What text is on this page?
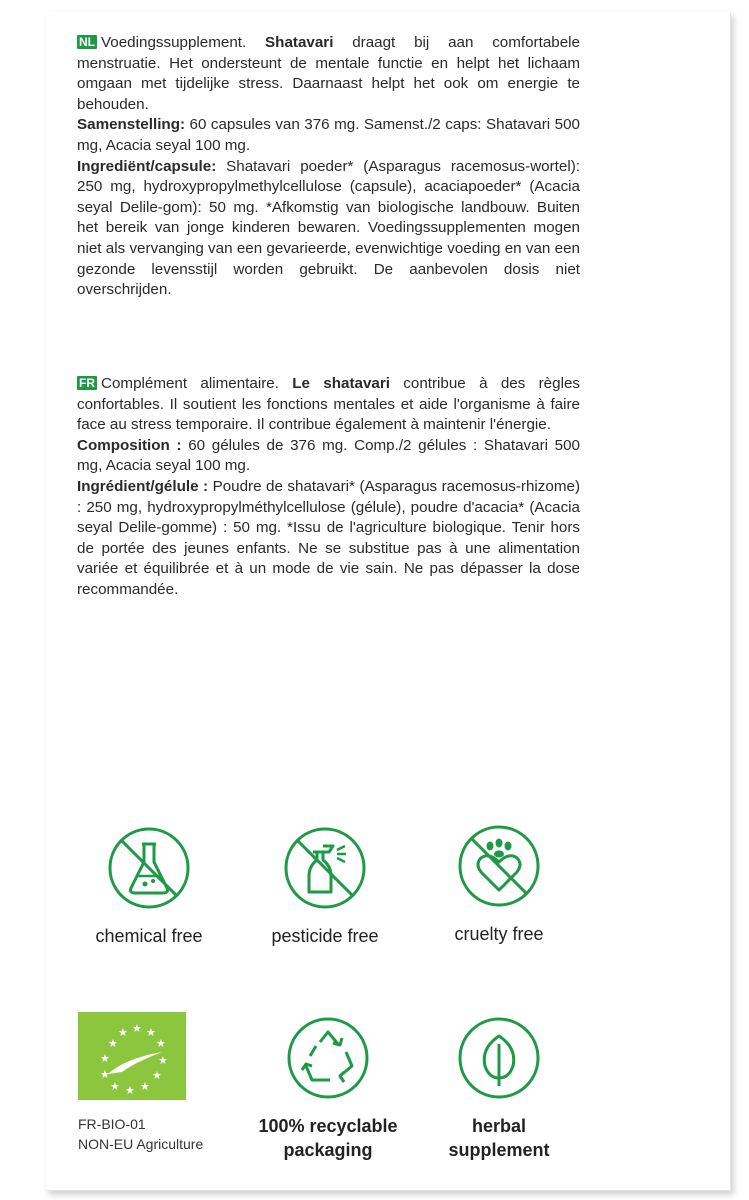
NL Voedingssupplement. Shatavari draagt bij aan comfortabele menstruatie. Het ondersteunt de mentale functie en helpt het lichaam omgaan met tijdelijke stress. Daarnaast helpt het ook om energie te behouden.

Samenstelling: 60 capsules van 376 mg. Samenst./2 caps: Shatavari 500 mg, Acacia seyal 100 mg.

Ingrediënt/capsule: Shatavari poeder* (Asparagus racemosus-wortel): 250 mg, hydroxypropylmethylcellulose (capsule), acaciapoeder* (Acacia seyal Delile-gom): 50 mg. *Afkomstig van biologische landbouw. Buiten het bereik van jonge kinderen bewaren. Voedingssupplementen mogen niet als vervanging van een gevarieerde, evenwichtige voeding en van een gezonde levensstijl worden gebruikt. De aanbevolen dosis niet overschrijden.

FR Complément alimentaire. Le shatavari contribue à des règles confortables. Il soutient les fonctions mentales et aide l'organisme à faire face au stress temporaire. Il contribue également à maintenir l'énergie.

Composition : 60 gélules de 376 mg. Comp./2 gélules : Shatavari 500 mg, Acacia seyal 100 mg.

Ingrédient/gélule : Poudre de shatavari* (Asparagus racemosus-rhizome) : 250 mg, hydroxypropylméthylcellulose (gélule), poudre d'acacia* (Acacia seyal Delile-gomme) : 50 mg. *Issu de l'agriculture biologique. Tenir hors de portée des jeunes enfants. Ne se substitue pas à une alimentation variée et équilibrée et à un mode de vie sain. Ne pas dépasser la dose recommandée.

chemical free	pesticide free	cruelty free
★ ★ ★
★
★
★	★
★	★
★ ★
★
FR-BIO-01
NON-EU Agriculture
100% recyclable
packaging
herbal
supplement
